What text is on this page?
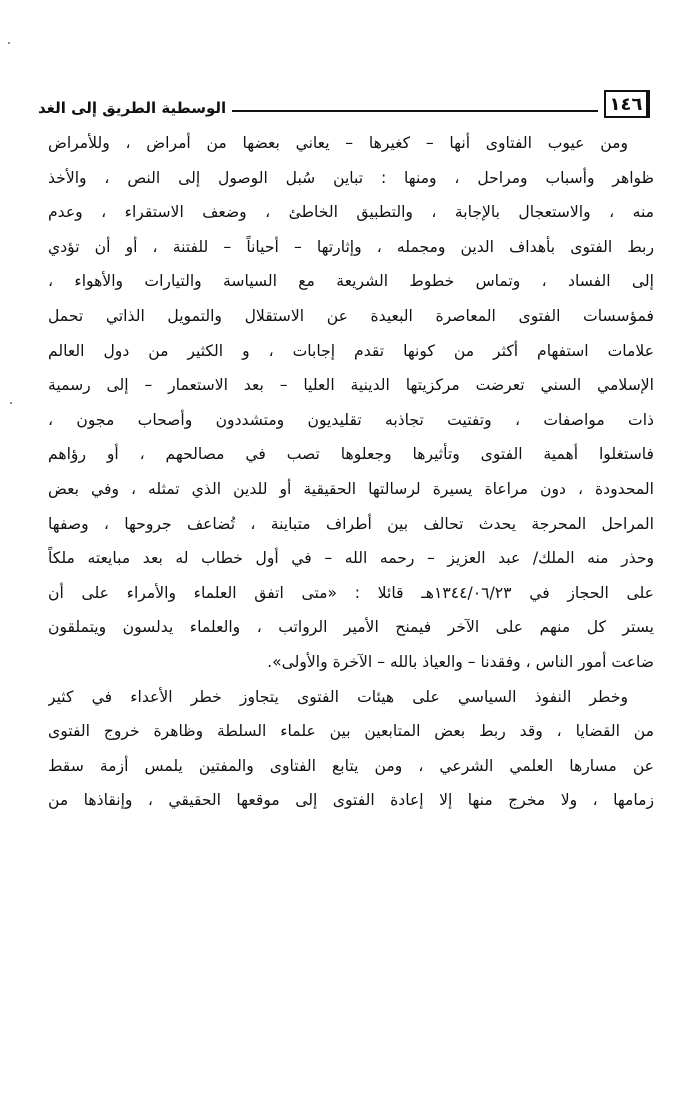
١٤٦
الوسطية الطريق إلى الغد
ومن عيوب الفتاوى أنها – كغيرها – يعاني بعضها من أمراض ، وللأمراض
ظواهر وأسباب ومراحل ، ومنها : تباين سُبل الوصول إلى النص ، والأخذ
منه ، والاستعجال بالإجابة ، والتطبيق الخاطئ ، وضعف الاستقراء ، وعدم
ربط الفتوى بأهداف الدين ومجمله ، وإثارتها – أحياناً – للفتنة ، أو أن تؤدي
إلى الفساد ، وتماس خطوط الشريعة مع السياسة والتيارات والأهواء ،
فمؤسسات الفتوى المعاصرة البعيدة عن الاستقلال والتمويل الذاتي تحمل
علامات استفهام أكثر من كونها تقدم إجابات ، و الكثير من دول العالم
الإسلامي السني تعرضت مركزيتها الدينية العليا – بعد الاستعمار – إلى رسمية
ذات مواصفات ، وتفتيت تجاذبه تقليديون ومتشددون وأصحاب مجون ،
فاستغلوا أهمية الفتوى وتأثيرها وجعلوها تصب في مصالحهم ، أو رؤاهم
المحدودة ، دون مراعاة يسيرة لرسالتها الحقيقية أو للدين الذي تمثله ، وفي بعض
المراحل المحرجة يحدث تحالف بين أطراف متباينة ، تُضاعف جروحها ، وصفها
وحذر منه الملك/ عبد العزيز – رحمه الله – في أول خطاب له بعد مبايعته ملكاً
على الحجاز في ١٣٤٤/٠٦/٢٣هـ قائلا : «متى اتفق العلماء والأمراء على أن
يستر كل منهم على الآخر فيمنح الأمير الرواتب ، والعلماء يدلسون ويتملقون
ضاعت أمور الناس ، وفقدنا – والعياذ بالله – الآخرة والأولى».
وخطر النفوذ السياسي على هيئات الفتوى يتجاوز خطر الأعداء في كثير
من القضايا ، وقد ربط بعض المتابعين بين علماء السلطة وظاهرة خروج الفتوى
عن مسارها العلمي الشرعي ، ومن يتابع الفتاوى والمفتين يلمس أزمة سقط
زمامها ، ولا مخرج منها إلا إعادة الفتوى إلى موقعها الحقيقي ، وإنقاذها من
